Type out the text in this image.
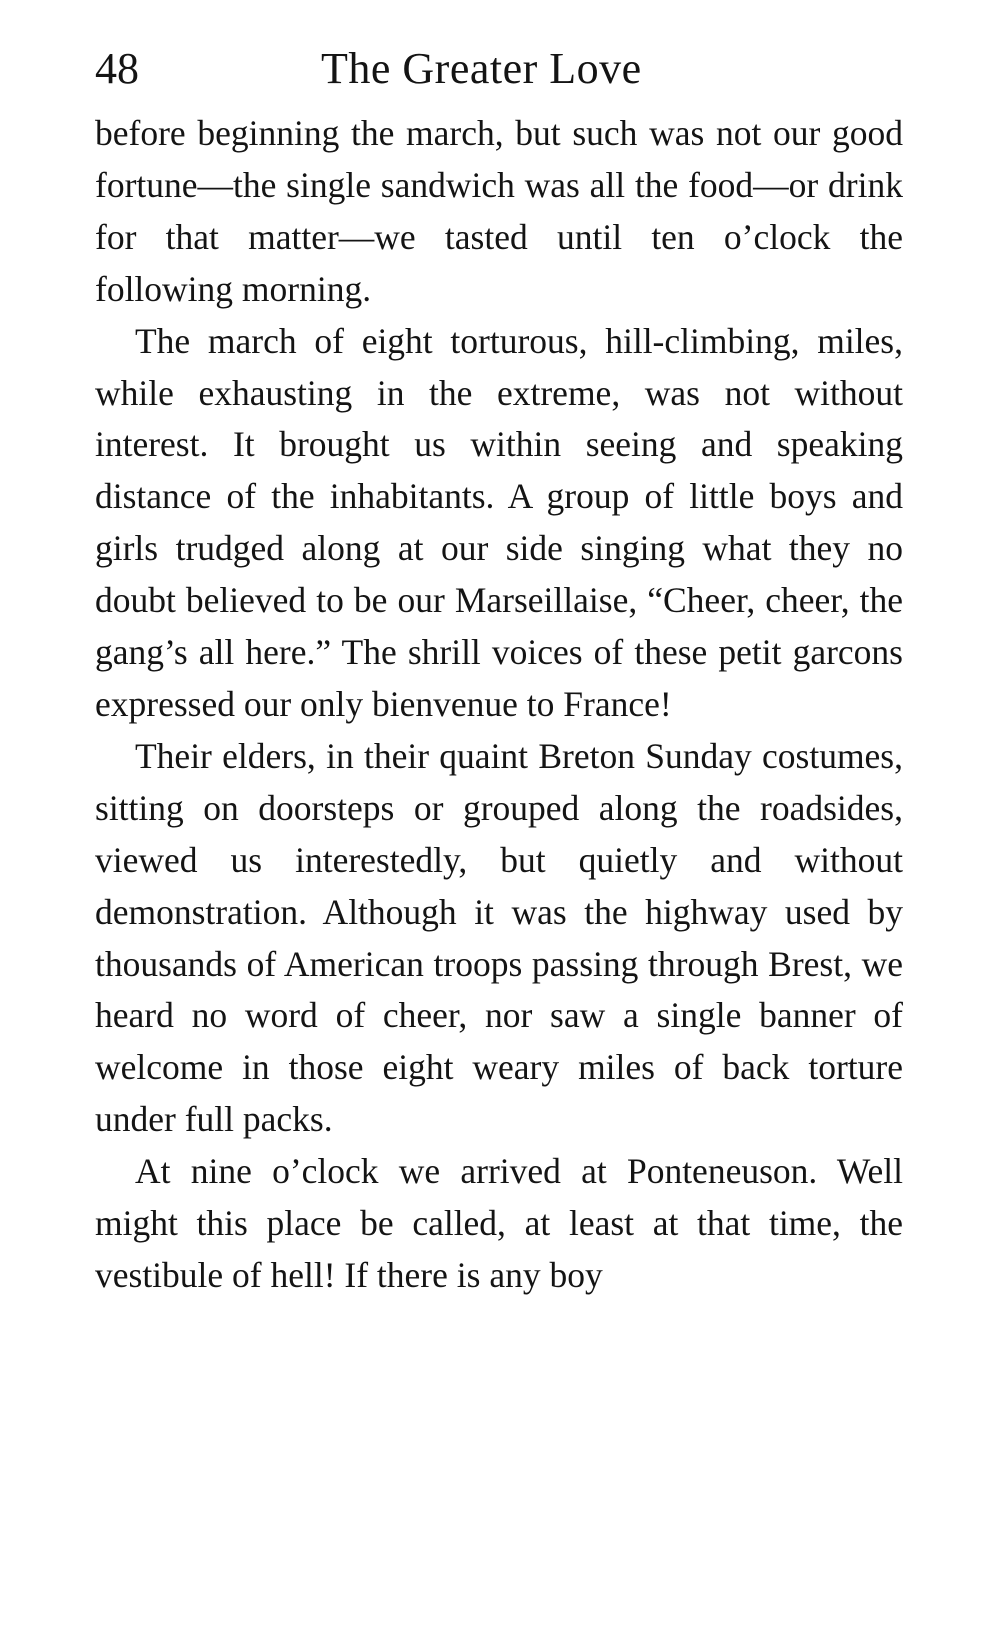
48	The Greater Love

before beginning the march, but such was not our good fortune—the single sandwich was all the food—or drink for that matter—we tasted until ten o’clock the following morning.

The march of eight torturous, hill-climbing, miles, while exhausting in the extreme, was not without interest. It brought us within seeing and speaking distance of the inhabitants. A group of little boys and girls trudged along at our side singing what they no doubt believed to be our Marseillaise, “Cheer, cheer, the gang’s all here.” The shrill voices of these petit garcons expressed our only bienvenue to France!

Their elders, in their quaint Breton Sunday costumes, sitting on doorsteps or grouped along the roadsides, viewed us interestedly, but quietly and without demonstration. Although it was the highway used by thousands of American troops passing through Brest, we heard no word of cheer, nor saw a single banner of welcome in those eight weary miles of back torture under full packs.

At nine o’clock we arrived at Ponteneuson. Well might this place be called, at least at that time, the vestibule of hell! If there is any boy
